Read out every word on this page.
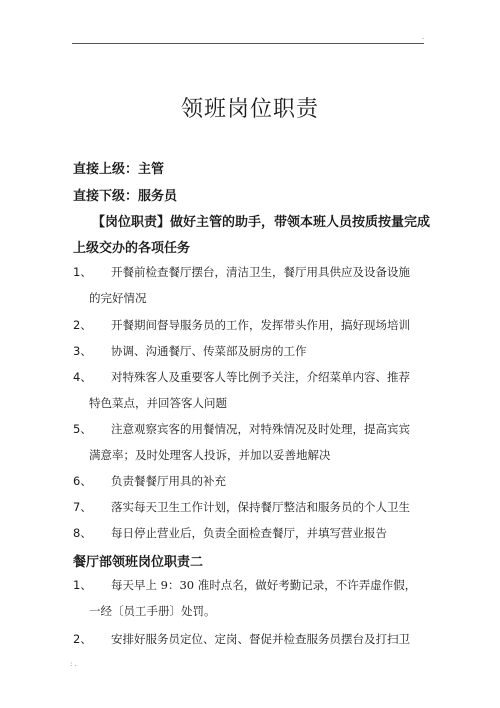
.
领班岗位职责
直接上级：主管
直接下级：服务员
【岗位职责】做好主管的助手，带领本班人员按质按量完成
上级交办的各项任务
1、	开餐前检查餐厅摆台，清洁卫生，餐厅用具供应及设备设施
的完好情况
2、	开餐期间督导服务员的工作，发挥带头作用，搞好现场培训
3、	协调、沟通餐厅、传菜部及厨房的工作
4、	对特殊客人及重要客人等比例予关注，介绍菜单内容、推荐
特色菜点，并回答客人问题
5、	注意观察宾客的用餐情况，对特殊情况及时处理，提高宾宾
满意率；及时处理客人投诉，并加以妥善地解决
6、	负责餐餐厅用具的补充
7、	落实每天卫生工作计划，保持餐厅整洁和服务员的个人卫生
8、	每日停止营业后，负责全面检查餐厅，并填写营业报告
餐厅部领班岗位职责二
1、	每天早上 9：30 准时点名，做好考勤记录，不许弄虚作假，
一经〔员工手册〕处罚。
2、	安排好服务员定位、定岗、督促并检查服务员摆台及打扫卫
: .
